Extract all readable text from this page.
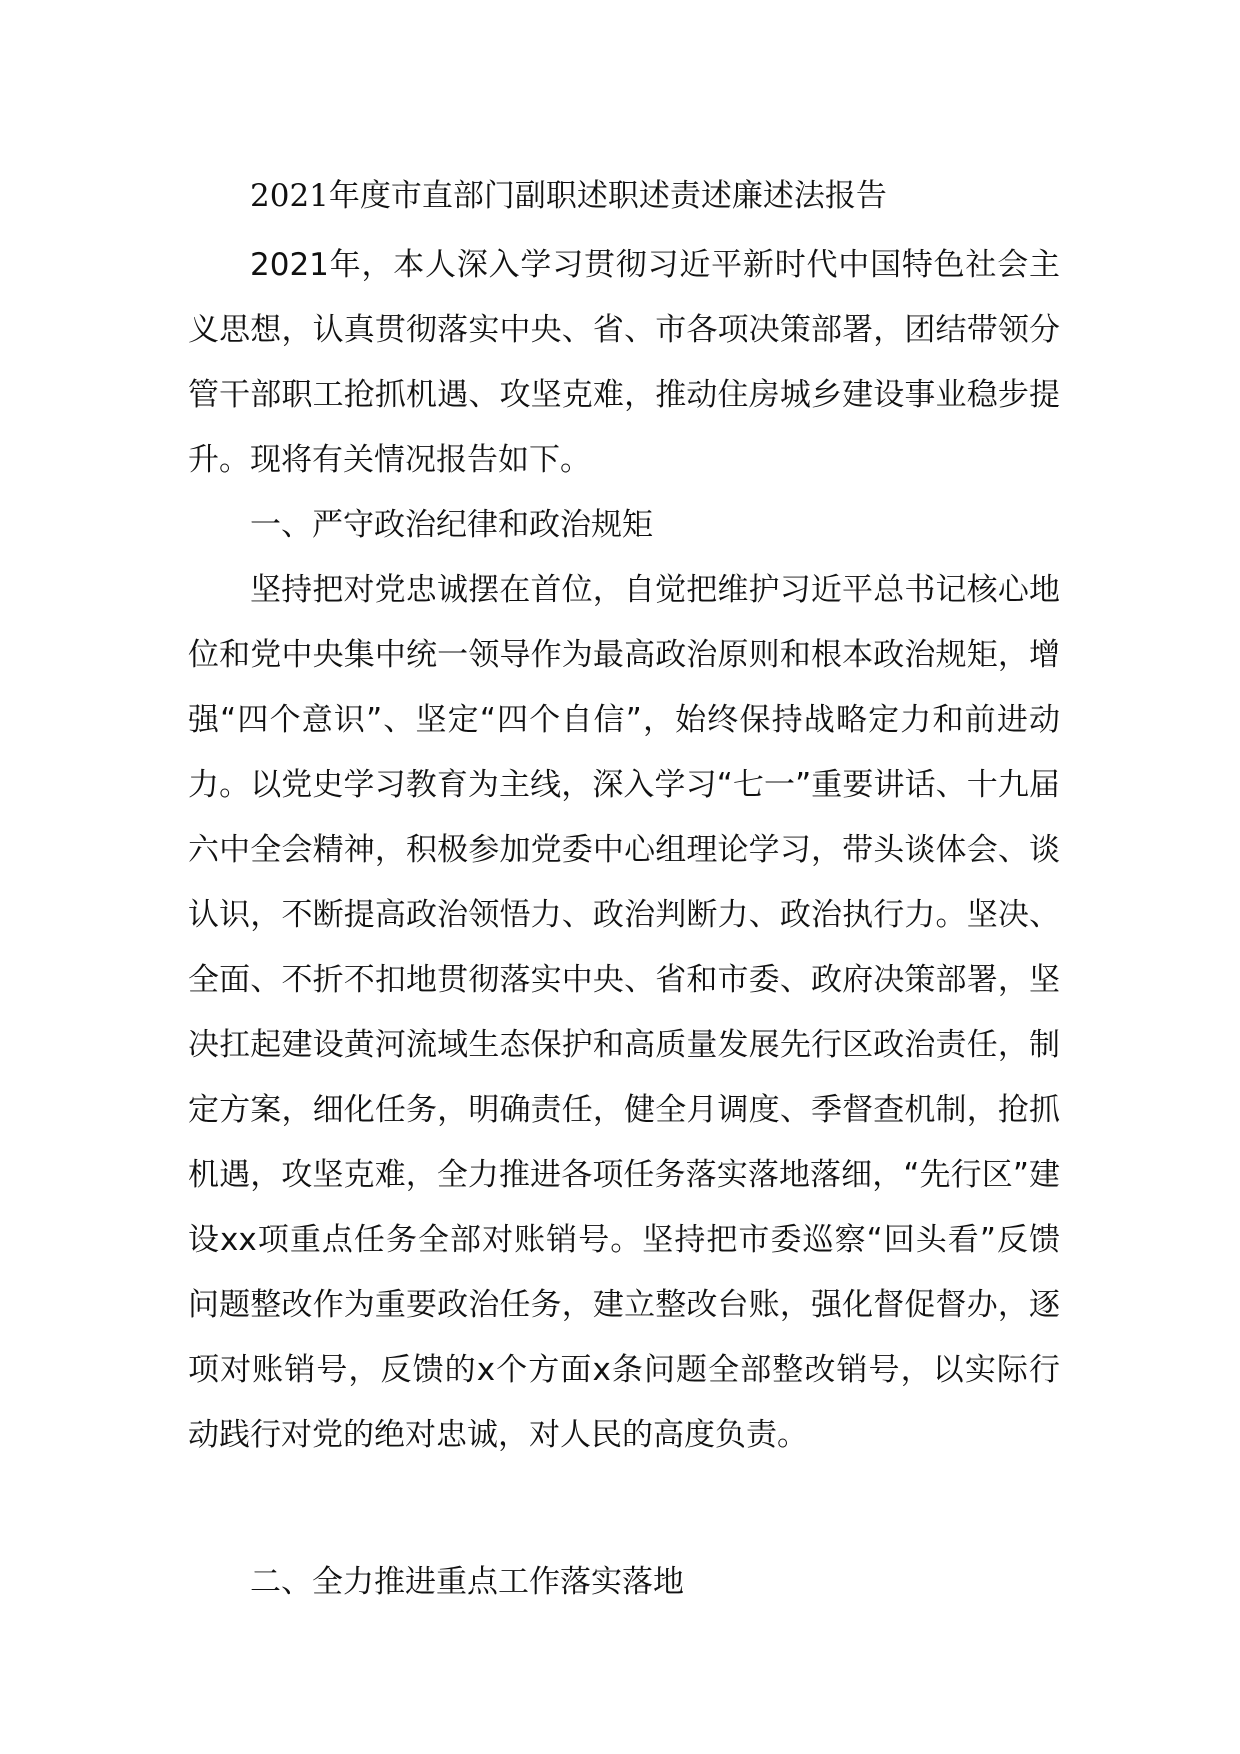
2021年度市直部门副职述职述责述廉述法报告

2021年，本人深入学习贯彻习近平新时代中国特色社会主义思想，认真贯彻落实中央、省、市各项决策部署，团结带领分管干部职工抢抓机遇、攻坚克难，推动住房城乡建设事业稳步提升。现将有关情况报告如下。

一、严守政治纪律和政治规矩

坚持把对党忠诚摆在首位，自觉把维护习近平总书记核心地位和党中央集中统一领导作为最高政治原则和根本政治规矩，增强“四个意识”、坚定“四个自信”，始终保持战略定力和前进动力。以党史学习教育为主线，深入学习“七一”重要讲话、十九届六中全会精神，积极参加党委中心组理论学习，带头谈体会、谈认识，不断提高政治领悟力、政治判断力、政治执行力。坚决、全面、不折不扣地贯彻落实中央、省和市委、政府决策部署，坚决扛起建设黄河流域生态保护和高质量发展先行区政治责任，制定方案，细化任务，明确责任，健全月调度、季督查机制，抢抓机遇，攻坚克难，全力推进各项任务落实落地落细，“先行区”建设xx项重点任务全部对账销号。坚持把市委巡察“回头看”反馈问题整改作为重要政治任务，建立整改台账，强化督促督办，逐项对账销号，反馈的x个方面x条问题全部整改销号，以实际行动践行对党的绝对忠诚，对人民的高度负责。

二、全力推进重点工作落实落地
